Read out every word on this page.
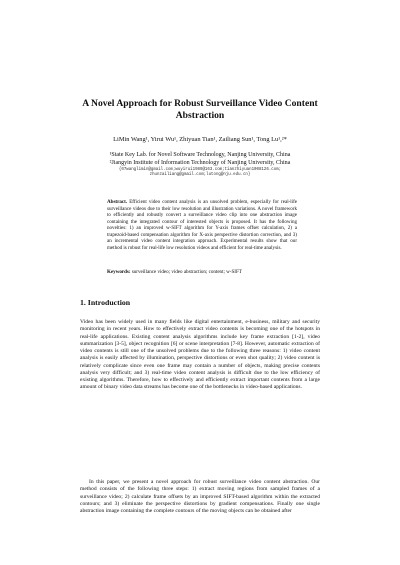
A Novel Approach for Robust Surveillance Video Content Abstraction
LiMin Wang¹, Yirui Wu¹, Zhiyuan Tian¹, Zailiang Sun¹, Tong Lu¹,²*
¹State Key Lab. for Novel Software Technology, Nanjing University, China
²Jiangyin Institute of Information Technology of Nanjing University, China
{07wanglimin@gmail.com;wuyirui1989@163.com;tianzhiyuan1008126.com;
zhunzailiang@gmail.com;lutong@nju.edu.cn}
Abstract. Efficient video content analysis is an unsolved problem, especially for real-life surveillance videos due to their low resolution and illustration variations. A novel framework to efficiently and robustly convert a surveillance video clip into one abstraction image containing the integrated contour of interested objects is proposed. It has the following novelties: 1) an improved w-SIFT algorithm for Y-axis frames offset calculation, 2) a trapezoid-based compensation algorithm for X-axis perspective distortion correction, and 3) an incremental video content integration approach. Experimental results show that our method is robust for real-life low resolution videos and efficient for real-time analysis.
Keywords: surveillance video; video abstraction; content; w-SIFT
1. Introduction
Video has been widely used in many fields like digital entertainment, e-business, military and security monitoring in recent years. How to effectively extract video contents is becoming one of the hotspots in real-life applications. Existing content analysis algorithms include key frame extraction [1-2], video summarization [3-5], object recognition [6] or scene interpretation [7-8]. However, automatic extraction of video contents is still one of the unsolved problems due to the following three reasons: 1) video content analysis is easily affected by illumination, perspective distortions or even shot quality; 2) video content is relatively complicate since even one frame may contain a number of objects, making precise contents analysis very difficult; and 3) real-time video content analysis is difficult due to the low efficiency of existing algorithms. Therefore, how to effectively and efficiently extract important contents from a large amount of binary video data streams has become one of the bottlenecks in video-based applications.
In this paper, we present a novel approach for robust surveillance video content abstraction. Our method consists of the following three steps: 1) extract moving regions from sampled frames of a surveillance video; 2) calculate frame offsets by an improved SIFT-based algorithm within the extracted contours; and 3) eliminate the perspective distortions by gradient compensations. Finally one single abstraction image containing the complete contours of the moving objects can be obtained after
